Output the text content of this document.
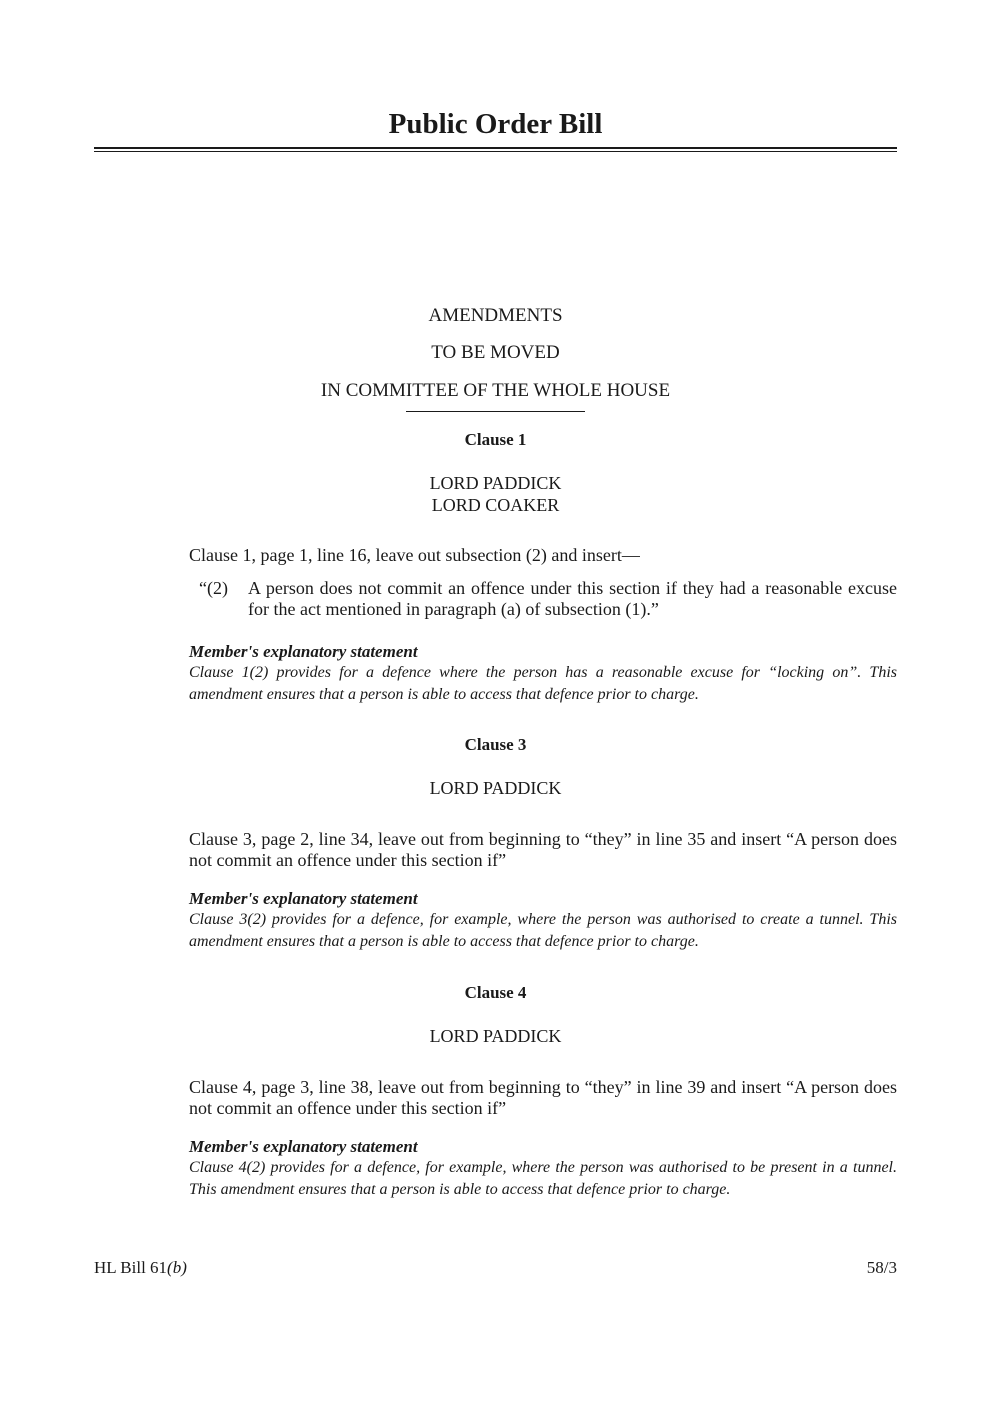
Public Order Bill
AMENDMENTS
TO BE MOVED
IN COMMITTEE OF THE WHOLE HOUSE
Clause 1
LORD PADDICK
LORD COAKER
Clause 1, page 1, line 16, leave out subsection (2) and insert—
“(2)	A person does not commit an offence under this section if they had a reasonable excuse for the act mentioned in paragraph (a) of subsection (1).”
Member's explanatory statement
Clause 1(2) provides for a defence where the person has a reasonable excuse for “locking on”. This amendment ensures that a person is able to access that defence prior to charge.
Clause 3
LORD PADDICK
Clause 3, page 2, line 34, leave out from beginning to “they” in line 35 and insert “A person does not commit an offence under this section if”
Member's explanatory statement
Clause 3(2) provides for a defence, for example, where the person was authorised to create a tunnel. This amendment ensures that a person is able to access that defence prior to charge.
Clause 4
LORD PADDICK
Clause 4, page 3, line 38, leave out from beginning to “they” in line 39 and insert “A person does not commit an offence under this section if”
Member's explanatory statement
Clause 4(2) provides for a defence, for example, where the person was authorised to be present in a tunnel. This amendment ensures that a person is able to access that defence prior to charge.
HL Bill 61(b)	58/3
